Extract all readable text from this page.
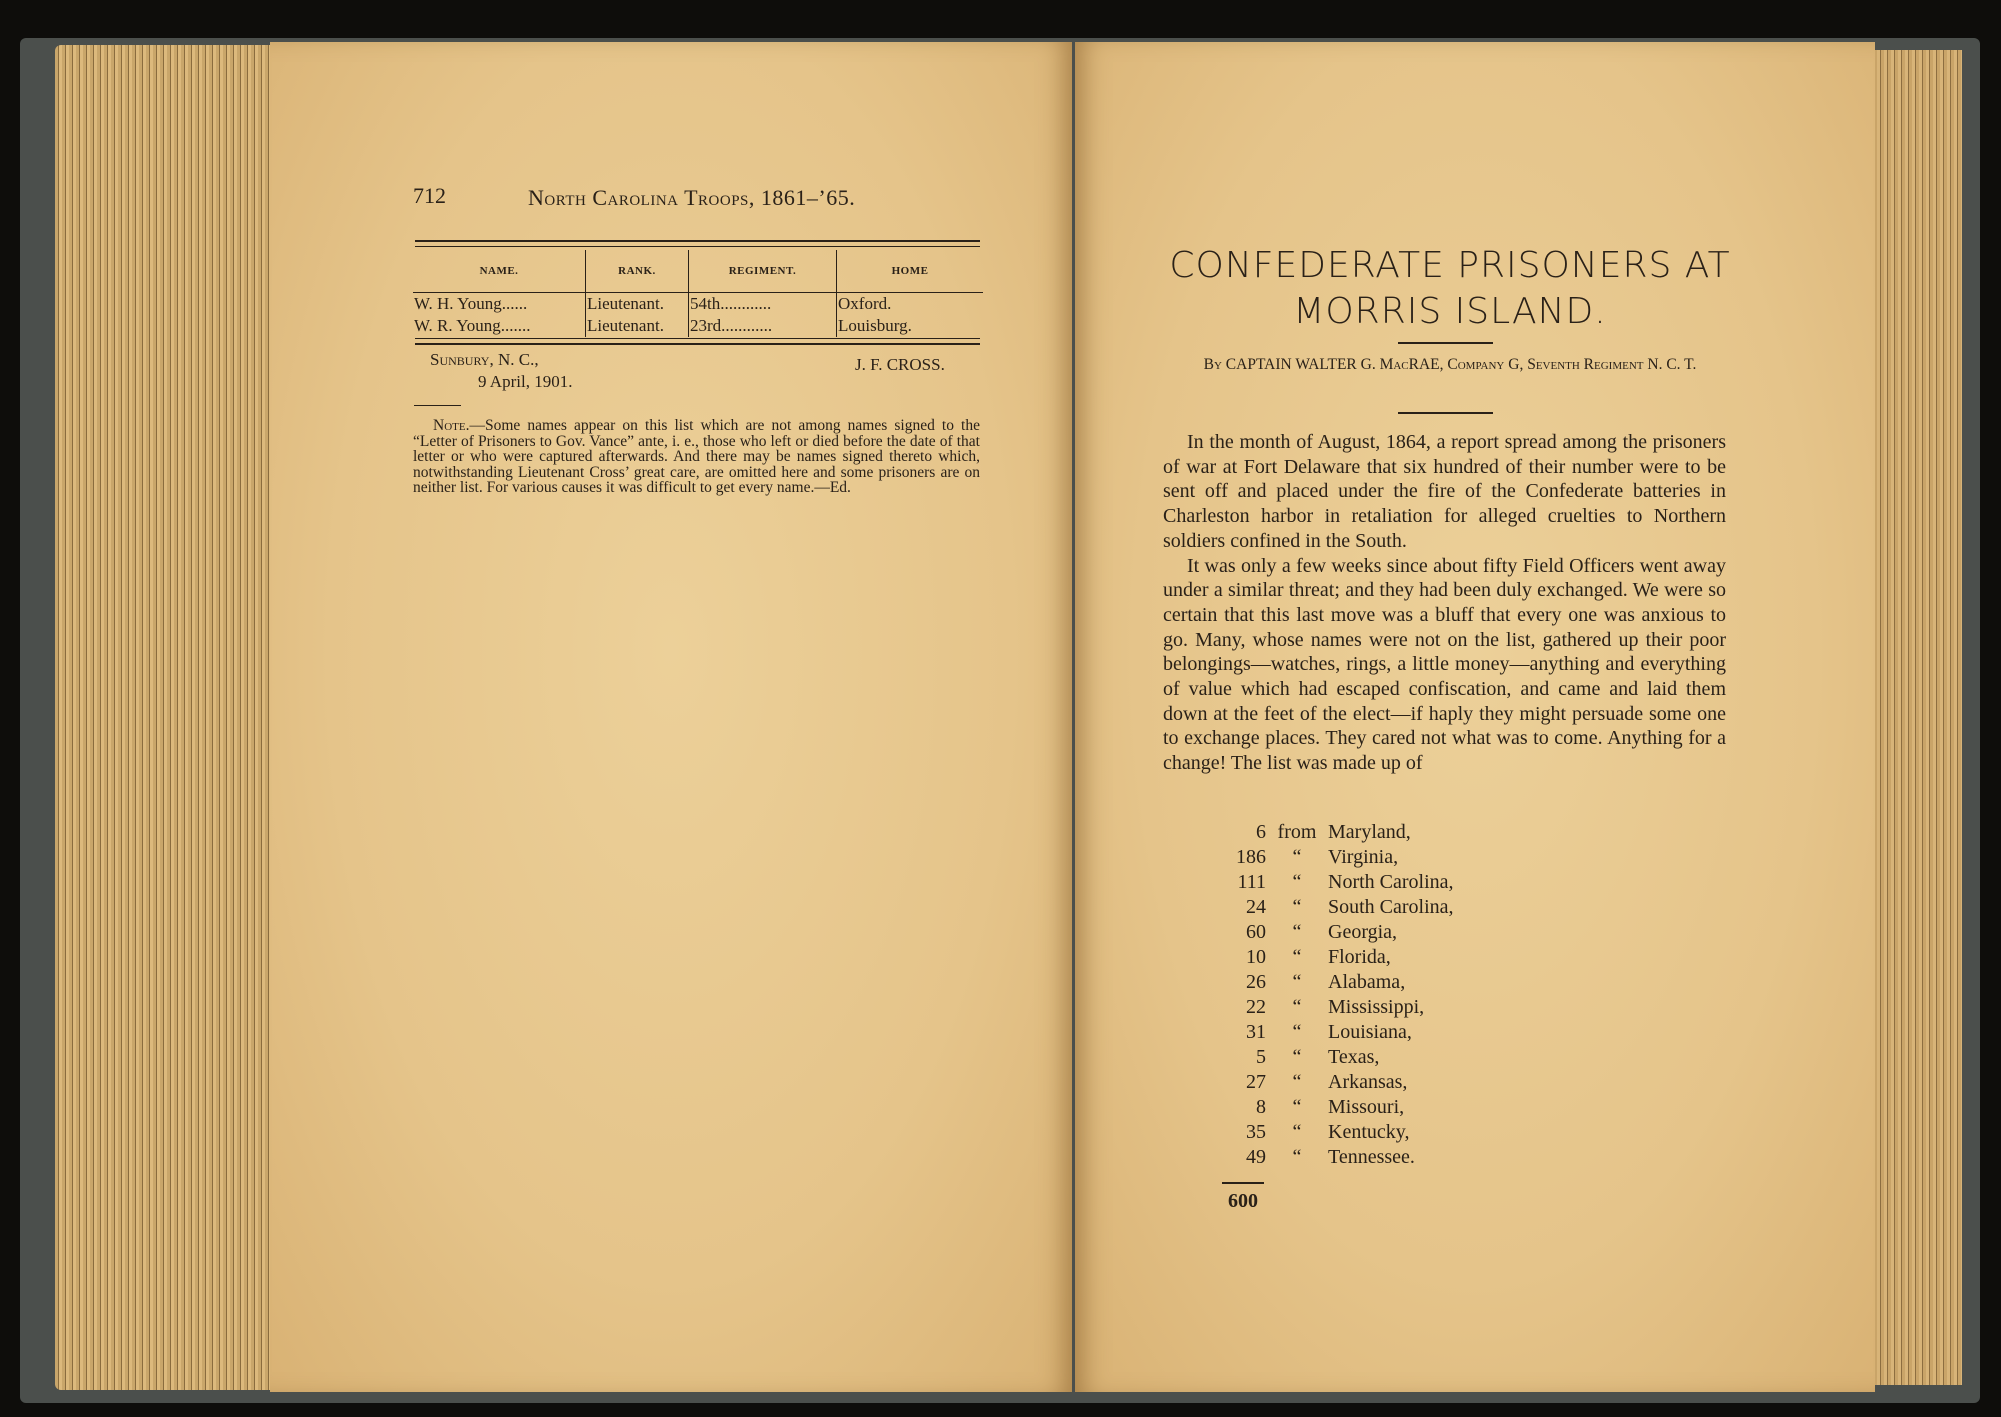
712	North Carolina Troops, 1861–’65.
NAME.	RANK.	REGIMENT.	HOME
W. H. Young......	Lieutenant.	54th............	Oxford.
W. R. Young.......	Lieutenant.	23rd............	Louisburg.
Sunbury, N. C.,
9 April, 1901.
J. F. CROSS.
Note.—Some names appear on this list which are not among names signed to the “Letter of Prisoners to Gov. Vance” ante, i. e., those who left or died before the date of that letter or who were captured afterwards. And there may be names signed thereto which, notwithstanding Lieutenant Cross’ great care, are omitted here and some prisoners are on neither list. For various causes it was difficult to get every name.—Ed.
CONFEDERATE PRISONERS AT
MORRIS ISLAND.
By CAPTAIN WALTER G. MacRAE, Company G, Seventh Regiment N. C. T.

In the month of August, 1864, a report spread among the prisoners of war at Fort Delaware that six hundred of their number were to be sent off and placed under the fire of the Confederate batteries in Charleston harbor in retaliation for alleged cruelties to Northern soldiers confined in the South.

It was only a few weeks since about fifty Field Officers went away under a similar threat; and they had been duly exchanged. We were so certain that this last move was a bluff that every one was anxious to go. Many, whose names were not on the list, gathered up their poor belongings—watches, rings, a little money—anything and everything of value which had escaped confiscation, and came and laid them down at the feet of the elect—if haply they might persuade some one to exchange places. They cared not what was to come. Anything for a change! The list was made up of

6 from Maryland,
186	“	Virginia,
111	“	North Carolina,
24	“	South Carolina,
60	“	Georgia,
10	“	Florida,
26	“	Alabama,
22	“	Mississippi,
31	“	Louisiana,
5	“	Texas,
27	“	Arkansas,
8	“	Missouri,
35	“	Kentucky,
49	“	Tennessee.
600
